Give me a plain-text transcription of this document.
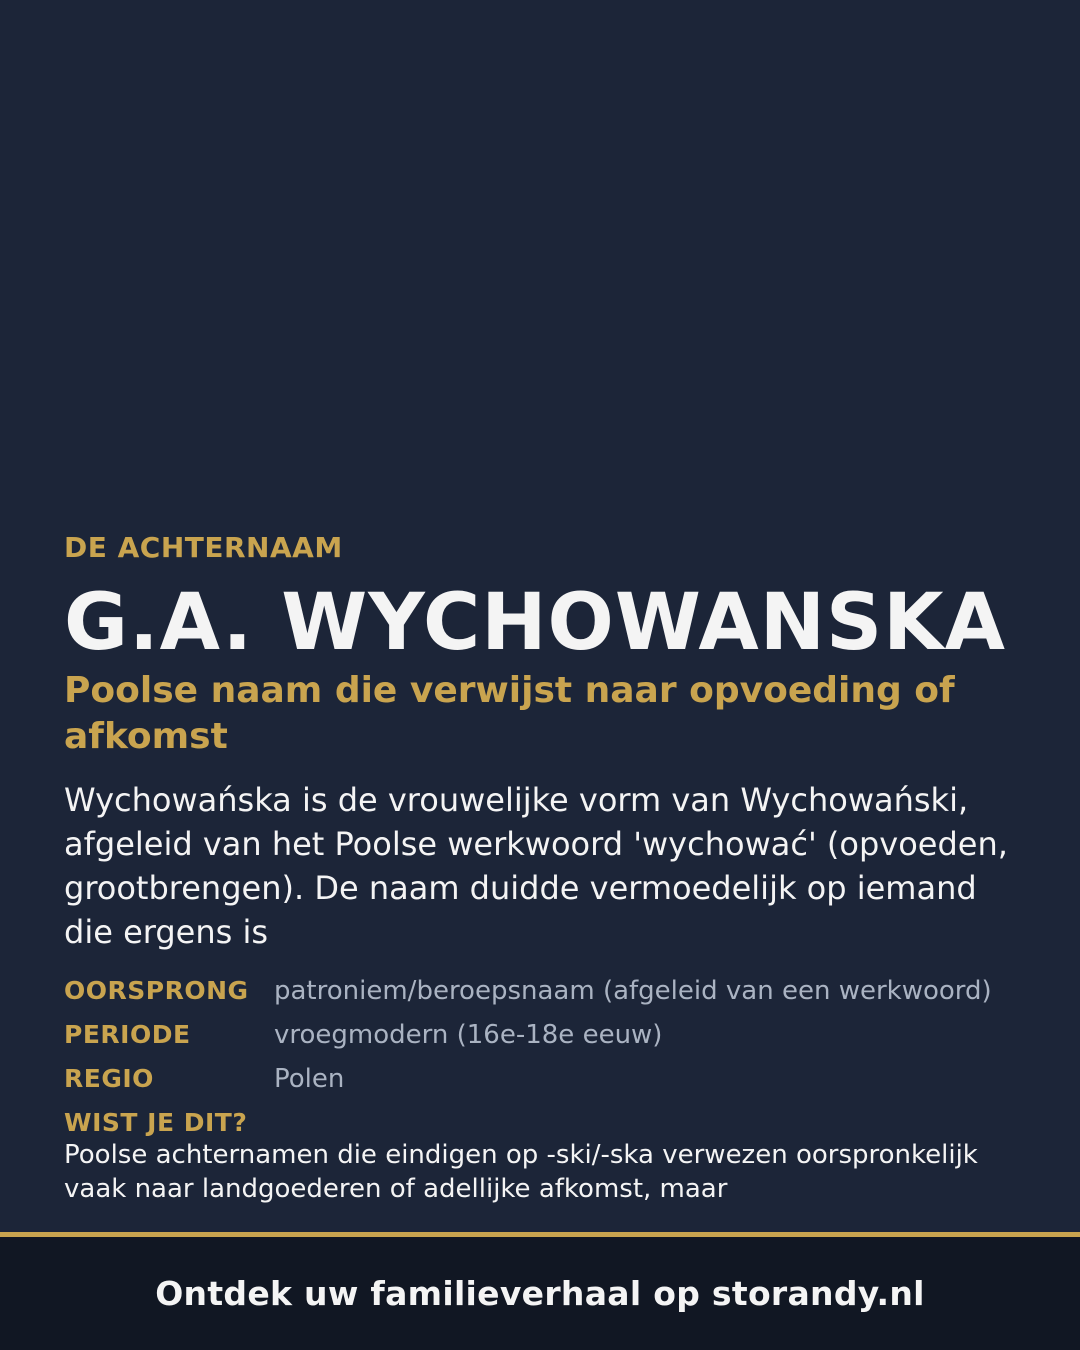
DE ACHTERNAAM
G.A. WYCHOWANSKA
Poolse naam die verwijst naar opvoeding of afkomst
Wychowańska is de vrouwelijke vorm van Wychowański, afgeleid van het Poolse werkwoord 'wychować' (opvoeden, grootbrengen). De naam duidde vermoedelijk op iemand die ergens is
OORSPRONG patroniem/beroepsnaam (afgeleid van een werkwoord)
PERIODE	vroegmodern (16e-18e eeuw)
REGIO	Polen
WIST JE DIT?
Poolse achternamen die eindigen op -ski/-ska verwezen oorspronkelijk vaak naar landgoederen of adellijke afkomst, maar
Ontdek uw familieverhaal op storandy.nl
